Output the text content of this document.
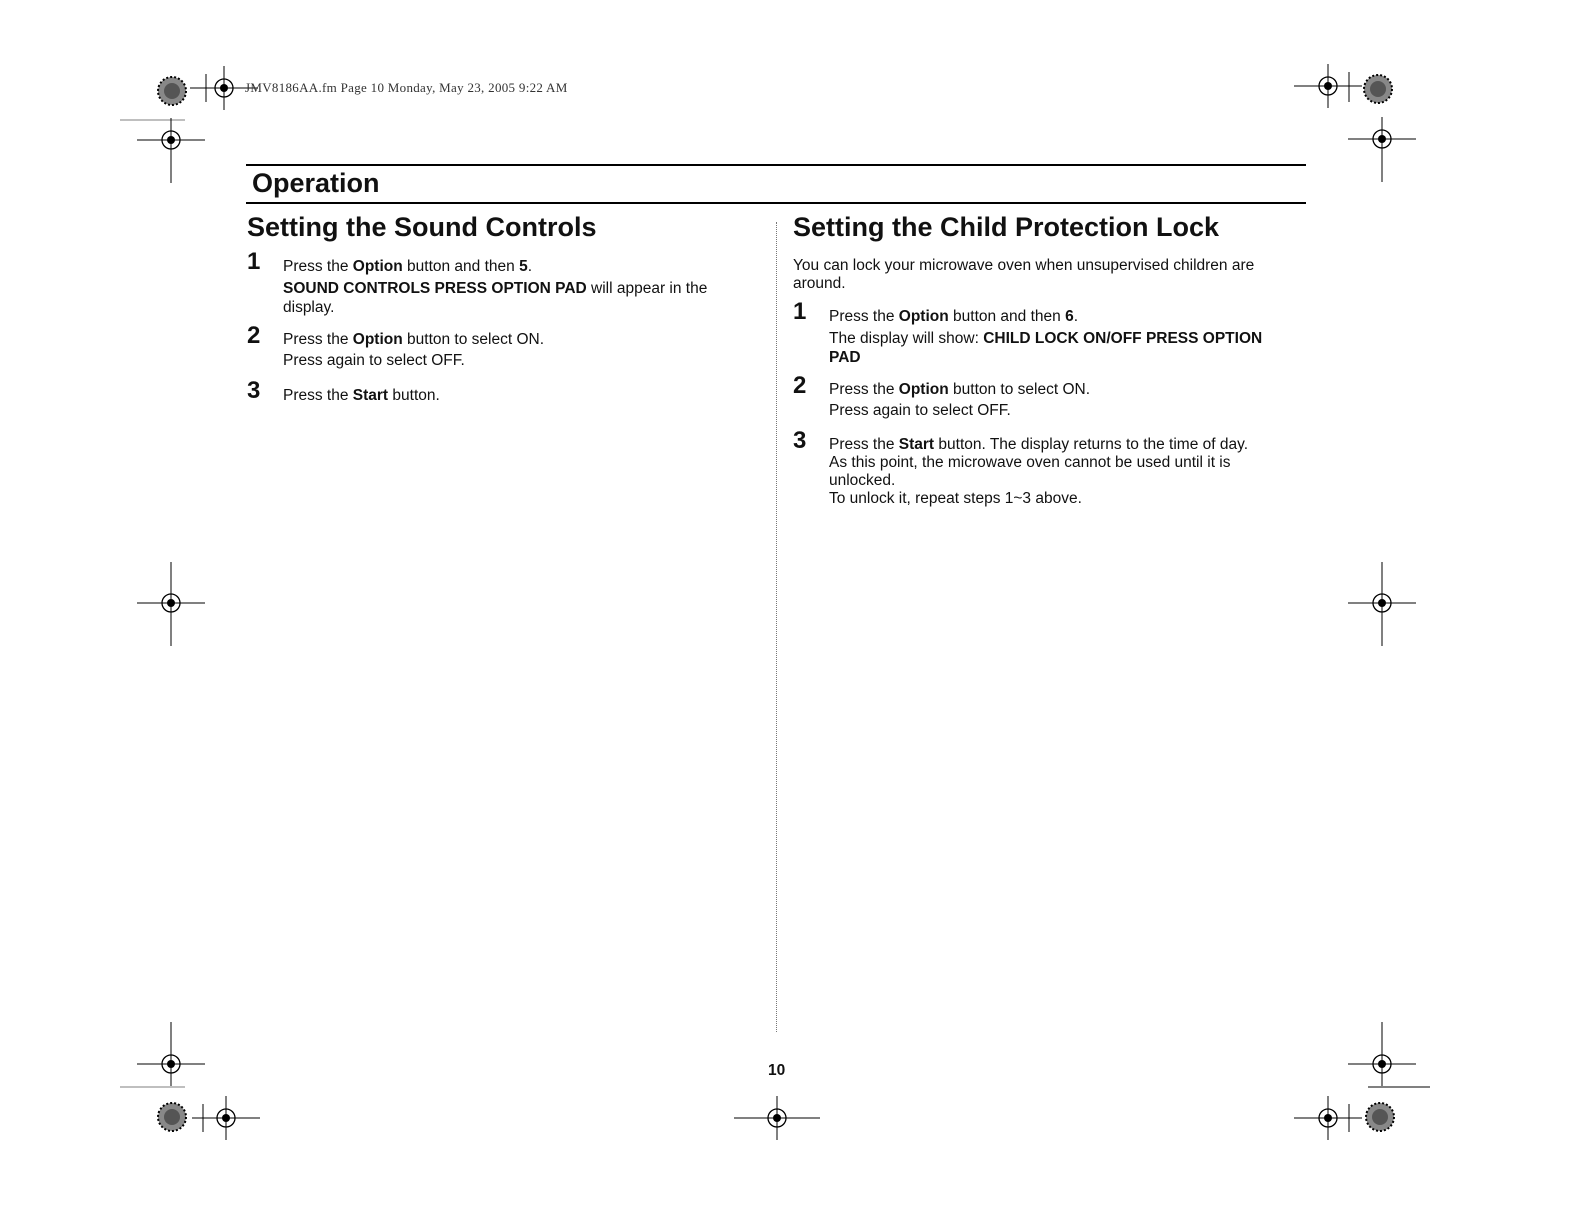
JMV8186AA.fm Page 10 Monday, May 23, 2005 9:22 AM
Operation
Setting the Sound Controls
1 Press the Option button and then 5.

SOUND CONTROLS PRESS OPTION PAD will appear in the display.

2 Press the Option button to select ON.

Press again to select OFF.

3 Press the Start button.

Setting the Child Protection Lock

You can lock your microwave oven when unsupervised children are around.

1 Press the Option button and then 6.

The display will show: CHILD LOCK ON/OFF PRESS OPTION PAD

2 Press the Option button to select ON.

Press again to select OFF.

3 Press the Start button. The display returns to the time of day.

As this point, the microwave oven cannot be used until it is unlocked.

To unlock it, repeat steps 1~3 above.

10
